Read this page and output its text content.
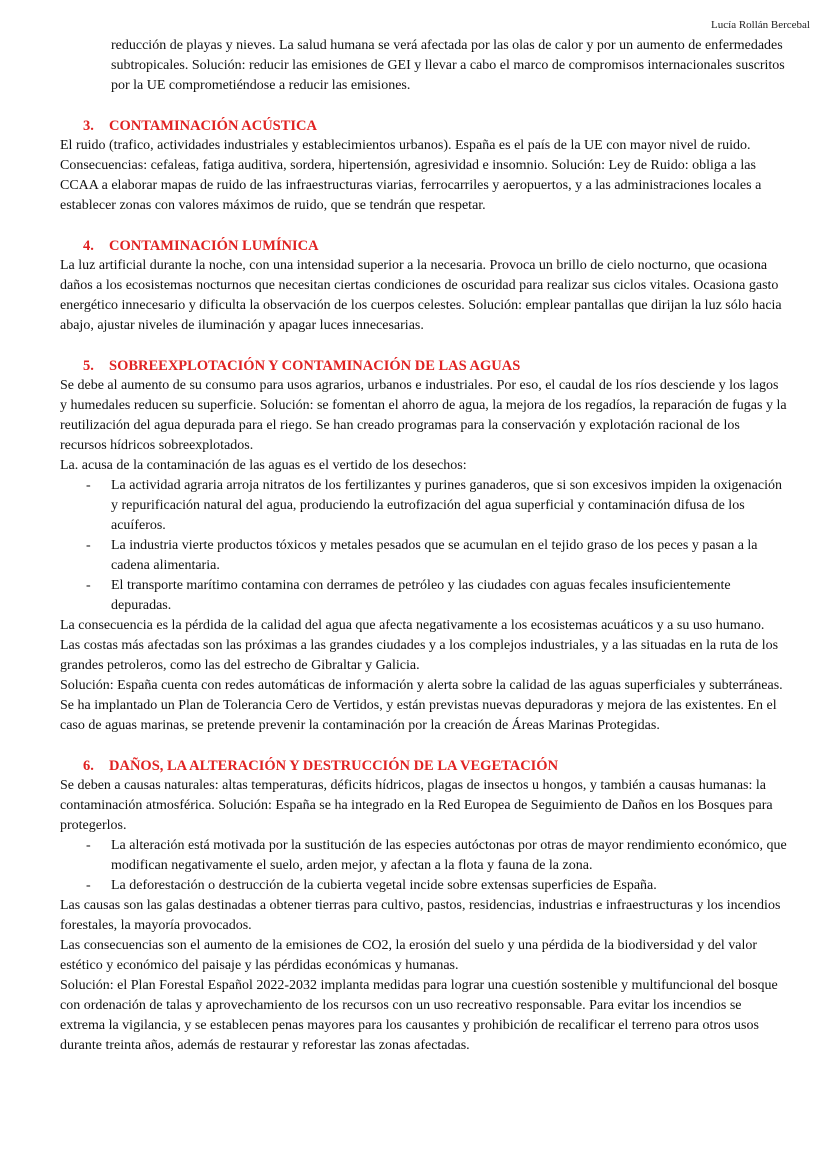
Lucía Rollán Bercebal

reducción de playas y nieves. La salud humana se verá afectada por las olas de calor y por un aumento de enfermedades subtropicales. Solución: reducir las emisiones de GEI y llevar a cabo el marco de compromisos internacionales suscritos por la UE comprometiéndose a reducir las emisiones.

3. CONTAMINACIÓN ACÚSTICA

El ruido (trafico, actividades industriales y establecimientos urbanos). España es el país de la UE con mayor nivel de ruido. Consecuencias: cefaleas, fatiga auditiva, sordera, hipertensión, agresividad e insomnio. Solución: Ley de Ruido: obliga a las CCAA a elaborar mapas de ruido de las infraestructuras viarias, ferrocarriles y aeropuertos, y a las administraciones locales a establecer zonas con valores máximos de ruido, que se tendrán que respetar.

4. CONTAMINACIÓN LUMÍNICA

La luz artificial durante la noche, con una intensidad superior a la necesaria. Provoca un brillo de cielo nocturno, que ocasiona daños a los ecosistemas nocturnos que necesitan ciertas condiciones de oscuridad para realizar sus ciclos vitales. Ocasiona gasto energético innecesario y dificulta la observación de los cuerpos celestes. Solución: emplear pantallas que dirijan la luz sólo hacia abajo, ajustar niveles de iluminación y apagar luces innecesarias.

5. SOBREEXPLOTACIÓN Y CONTAMINACIÓN DE LAS AGUAS

Se debe al aumento de su consumo para usos agrarios, urbanos e industriales. Por eso, el caudal de los ríos desciende y los lagos y humedales reducen su superficie. Solución: se fomentan el ahorro de agua, la mejora de los regadíos, la reparación de fugas y la reutilización del agua depurada para el riego. Se han creado programas para la conservación y explotación racional de los recursos hídricos sobreexplotados.

La. acusa de la contaminación de las aguas es el vertido de los desechos:

- La actividad agraria arroja nitratos de los fertilizantes y purines ganaderos, que si son excesivos impiden la oxigenación y repurificación natural del agua, produciendo la eutrofización del agua superficial y contaminación difusa de los acuíferos.
- La industria vierte productos tóxicos y metales pesados que se acumulan en el tejido graso de los peces y pasan a la cadena alimentaria.
- El transporte marítimo contamina con derrames de petróleo y las ciudades con aguas fecales insuficientemente depuradas.

La consecuencia es la pérdida de la calidad del agua que afecta negativamente a los ecosistemas acuáticos y a su uso humano. Las costas más afectadas son las próximas a las grandes ciudades y a los complejos industriales, y a las situadas en la ruta de los grandes petroleros, como las del estrecho de Gibraltar y Galicia.

Solución: España cuenta con redes automáticas de información y alerta sobre la calidad de las aguas superficiales y subterráneas. Se ha implantado un Plan de Tolerancia Cero de Vertidos, y están previstas nuevas depuradoras y mejora de las existentes. En el caso de aguas marinas, se pretende prevenir la contaminación por la creación de Áreas Marinas Protegidas.

6. DAÑOS, LA ALTERACIÓN Y DESTRUCCIÓN DE LA VEGETACIÓN

Se deben a causas naturales: altas temperaturas, déficits hídricos, plagas de insectos u hongos, y también a causas humanas: la contaminación atmosférica. Solución: España se ha integrado en la Red Europea de Seguimiento de Daños en los Bosques para protegerlos.

- La alteración está motivada por la sustitución de las especies autóctonas por otras de mayor rendimiento económico, que modifican negativamente el suelo, arden mejor, y afectan a la flota y fauna de la zona.
- La deforestación o destrucción de la cubierta vegetal incide sobre extensas superficies de España.

Las causas son las galas destinadas a obtener tierras para cultivo, pastos, residencias, industrias e infraestructuras y los incendios forestales, la mayoría provocados.

Las consecuencias son el aumento de la emisiones de CO2, la erosión del suelo y una pérdida de la biodiversidad y del valor estético y económico del paisaje y las pérdidas económicas y humanas.

Solución: el Plan Forestal Español 2022-2032 implanta medidas para lograr una cuestión sostenible y multifuncional del bosque con ordenación de talas y aprovechamiento de los recursos con un uso recreativo responsable. Para evitar los incendios se extrema la vigilancia, y se establecen penas mayores para los causantes y prohibición de recalificar el terreno para otros usos durante treinta años, además de restaurar y reforestar las zonas afectadas.
